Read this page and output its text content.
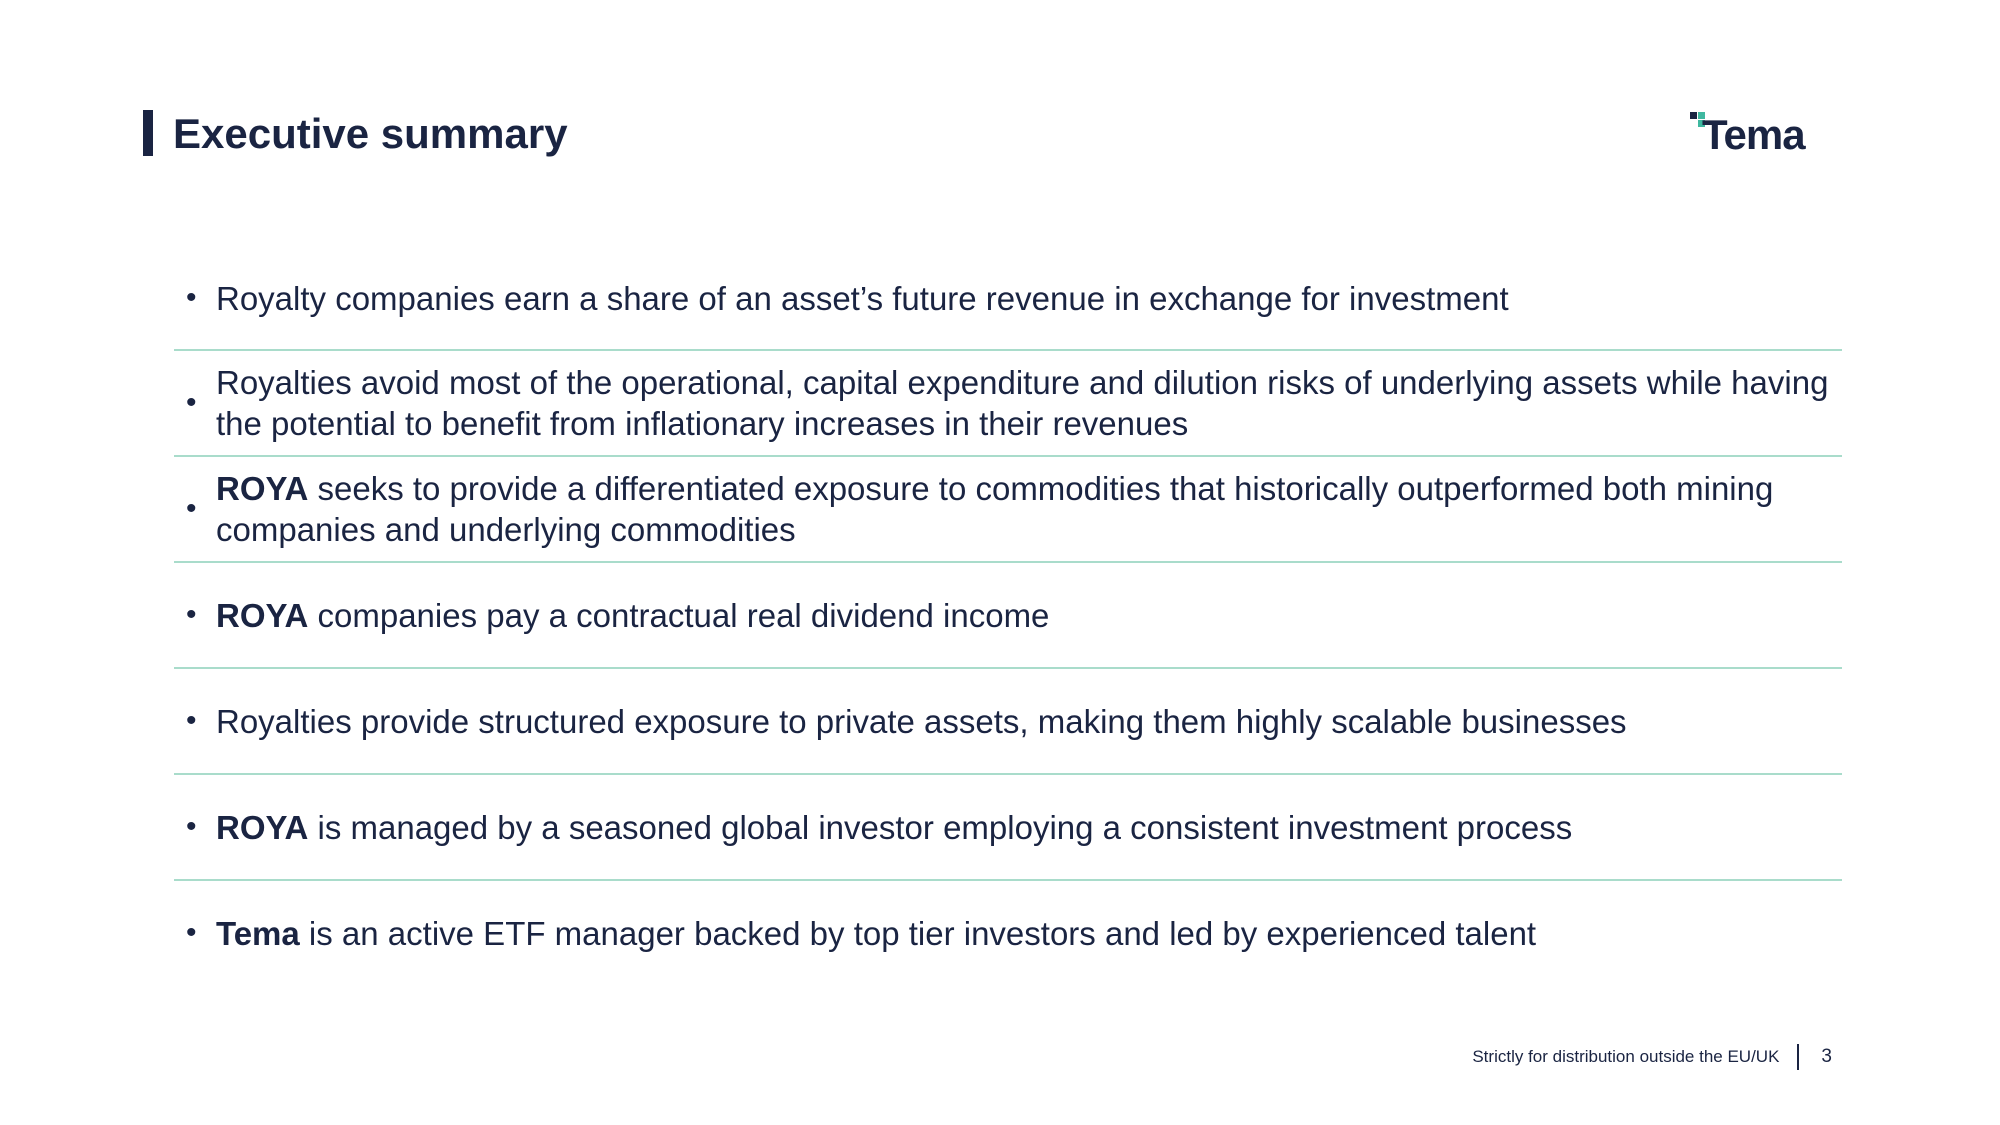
Executive summary	Tema
• Royalty companies earn a share of an asset’s future revenue in exchange for investment
•
Royalties avoid most of the operational, capital expenditure and dilution risks of underlying assets while having the potential to benefit from inflationary increases in their revenues
•
ROYA seeks to provide a differentiated exposure to commodities that historically outperformed both mining companies and underlying commodities
• ROYA companies pay a contractual real dividend income
• Royalties provide structured exposure to private assets, making them highly scalable businesses
• ROYA is managed by a seasoned global investor employing a consistent investment process
• Tema is an active ETF manager backed by top tier investors and led by experienced talent
Strictly for distribution outside the EU/UK 3
